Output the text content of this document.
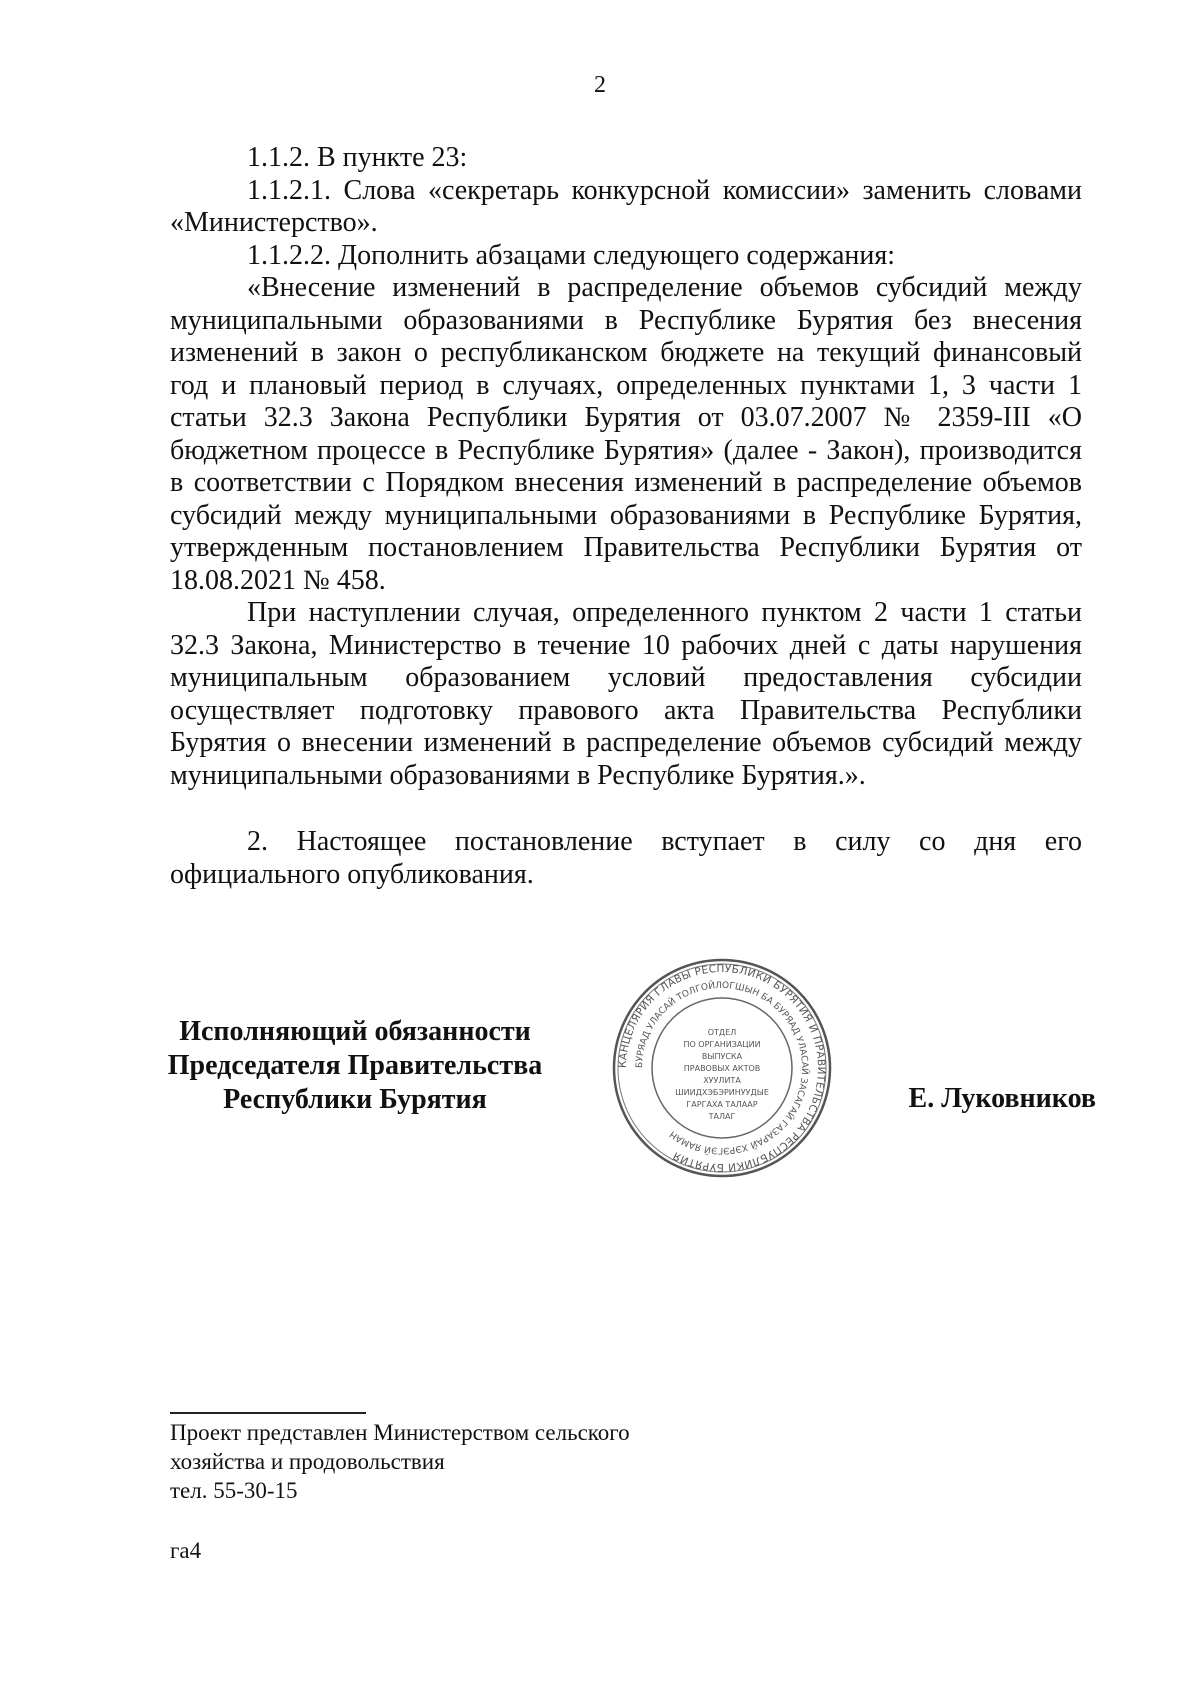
2

1.1.2. В пункте 23:

1.1.2.1. Слова «секретарь конкурсной комиссии» заменить словами «Министерство».

1.1.2.2. Дополнить абзацами следующего содержания:

«Внесение изменений в распределение объемов субсидий между муниципальными образованиями в Республике Бурятия без внесения изменений в закон о республиканском бюджете на текущий финансовый год и плановый период в случаях, определенных пунктами 1, 3 части 1 статьи 32.3 Закона Республики Бурятия от 03.07.2007 № 2359-III «О бюджетном процессе в Республике Бурятия» (далее - Закон), производится в соответствии с Порядком внесения изменений в распределение объемов субсидий между муниципальными образованиями в Республике Бурятия, утвержденным постановлением Правительства Республики Бурятия от 18.08.2021 № 458.

При наступлении случая, определенного пунктом 2 части 1 статьи 32.3 Закона, Министерство в течение 10 рабочих дней с даты нарушения муниципальным образованием условий предоставления субсидии осуществляет подготовку правового акта Правительства Республики Бурятия о внесении изменений в распределение объемов субсидий между муниципальными образованиями в Республике Бурятия.».

2. Настоящее постановление вступает в силу со дня его официального опубликования.

Исполняющий обязанности
Председателя Правительства
Республики Бурятия
КАНЦЕЛЯРИЯ ГЛАВЫ РЕСПУБЛИКИ БУРЯТИЯ И ПРАВИТЕЛЬСТВА РЕСПУБЛИКИ БУРЯТИЯ
БУРЯАД УЛАСАЙ ТОЛГОЙЛОГШЫН БА БУРЯАД УЛАСАЙ ЗАСАГАЙ ГАЗАРАЙ ХЭРЭГЭЙ ЯАМАН
ОТДЕЛ
ПО ОРГАНИЗАЦИИ
ВЫПУСКА
ПРАВОВЫХ АКТОВ
ХУУЛИТА
ШИИДХЭБЭРИНУУДЫЕ
ГАРГАХА ТАЛААР
ТАЛАГ
Е. Луковников
Проект представлен Министерством сельского
хозяйства и продовольствия
тел. 55-30-15
га4
